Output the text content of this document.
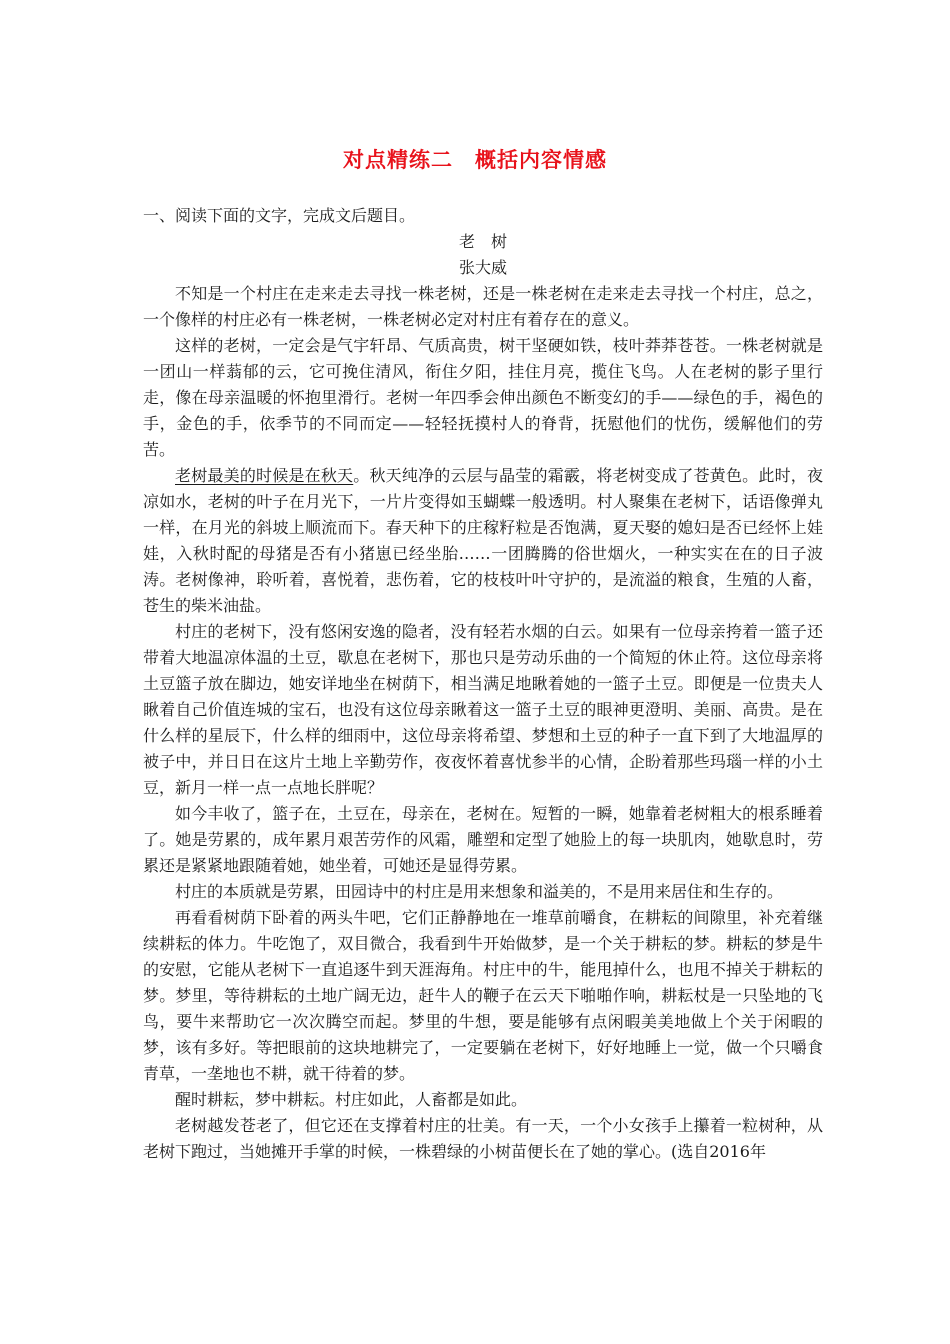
对点精练二　概括内容情感

一、阅读下面的文字，完成文后题目。

老　树

张大威

不知是一个村庄在走来走去寻找一株老树，还是一株老树在走来走去寻找一个村庄，总之，一个像样的村庄必有一株老树，一株老树必定对村庄有着存在的意义。

这样的老树，一定会是气宇轩昂、气质高贵，树干坚硬如铁，枝叶莽莽苍苍。一株老树就是一团山一样蓊郁的云，它可挽住清风，衔住夕阳，挂住月亮，揽住飞鸟。人在老树的影子里行走，像在母亲温暖的怀抱里滑行。老树一年四季会伸出颜色不断变幻的手——绿色的手，褐色的手，金色的手，依季节的不同而定——轻轻抚摸村人的脊背，抚慰他们的忧伤，缓解他们的劳苦。

老树最美的时候是在秋天。秋天纯净的云层与晶莹的霜霰，将老树变成了苍黄色。此时，夜凉如水，老树的叶子在月光下，一片片变得如玉蝴蝶一般透明。村人聚集在老树下，话语像弹丸一样，在月光的斜坡上顺流而下。春天种下的庄稼籽粒是否饱满，夏天娶的媳妇是否已经怀上娃娃，入秋时配的母猪是否有小猪崽已经坐胎……一团腾腾的俗世烟火，一种实实在在的日子波涛。老树像神，聆听着，喜悦着，悲伤着，它的枝枝叶叶守护的，是流溢的粮食，生殖的人畜，苍生的柴米油盐。

村庄的老树下，没有悠闲安逸的隐者，没有轻若水烟的白云。如果有一位母亲挎着一篮子还带着大地温凉体温的土豆，歇息在老树下，那也只是劳动乐曲的一个简短的休止符。这位母亲将土豆篮子放在脚边，她安详地坐在树荫下，相当满足地瞅着她的一篮子土豆。即便是一位贵夫人瞅着自己价值连城的宝石，也没有这位母亲瞅着这一篮子土豆的眼神更澄明、美丽、高贵。是在什么样的星辰下，什么样的细雨中，这位母亲将希望、梦想和土豆的种子一直下到了大地温厚的被子中，并日日在这片土地上辛勤劳作，夜夜怀着喜忧参半的心情，企盼着那些玛瑙一样的小土豆，新月一样一点一点地长胖呢？

如今丰收了，篮子在，土豆在，母亲在，老树在。短暂的一瞬，她靠着老树粗大的根系睡着了。她是劳累的，成年累月艰苦劳作的风霜，雕塑和定型了她脸上的每一块肌肉，她歇息时，劳累还是紧紧地跟随着她，她坐着，可她还是显得劳累。

村庄的本质就是劳累，田园诗中的村庄是用来想象和溢美的，不是用来居住和生存的。

再看看树荫下卧着的两头牛吧，它们正静静地在一堆草前嚼食，在耕耘的间隙里，补充着继续耕耘的体力。牛吃饱了，双目微合，我看到牛开始做梦，是一个关于耕耘的梦。耕耘的梦是牛的安慰，它能从老树下一直追逐牛到天涯海角。村庄中的牛，能甩掉什么，也甩不掉关于耕耘的梦。梦里，等待耕耘的土地广阔无边，赶牛人的鞭子在云天下啪啪作响，耕耘杖是一只坠地的飞鸟，要牛来帮助它一次次腾空而起。梦里的牛想，要是能够有点闲暇美美地做上个关于闲暇的梦，该有多好。等把眼前的这块地耕完了，一定要躺在老树下，好好地睡上一觉，做一个只嚼食青草，一垄地也不耕，就干待着的梦。

醒时耕耘，梦中耕耘。村庄如此，人畜都是如此。

老树越发苍老了，但它还在支撑着村庄的壮美。有一天，一个小女孩手上攥着一粒树种，从老树下跑过，当她摊开手掌的时候，一株碧绿的小树苗便长在了她的掌心。(选自2016年
